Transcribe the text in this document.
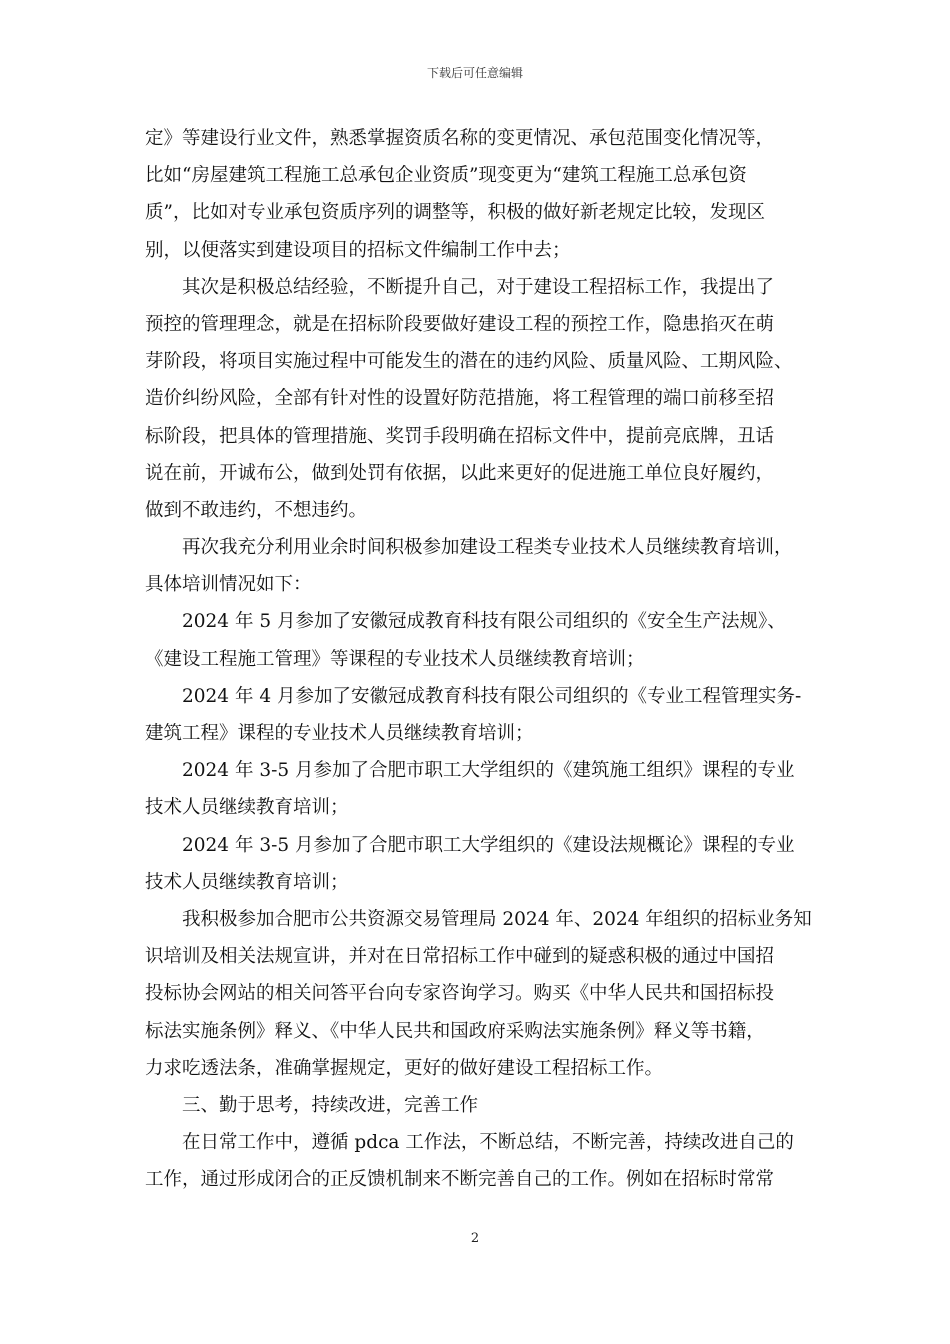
下载后可任意编辑
定》等建设行业文件，熟悉掌握资质名称的变更情况、承包范围变化情况等，
比如“房屋建筑工程施工总承包企业资质”现变更为“建筑工程施工总承包资
质”，比如对专业承包资质序列的调整等，积极的做好新老规定比较，发现区
别，以便落实到建设项目的招标文件编制工作中去；
其次是积极总结经验，不断提升自己，对于建设工程招标工作，我提出了
预控的管理理念，就是在招标阶段要做好建设工程的预控工作，隐患掐灭在萌
芽阶段，将项目实施过程中可能发生的潜在的违约风险、质量风险、工期风险、
造价纠纷风险，全部有针对性的设置好防范措施，将工程管理的端口前移至招
标阶段，把具体的管理措施、奖罚手段明确在招标文件中，提前亮底牌，丑话
说在前，开诚布公，做到处罚有依据，以此来更好的促进施工单位良好履约，
做到不敢违约，不想违约。
再次我充分利用业余时间积极参加建设工程类专业技术人员继续教育培训，
具体培训情况如下：
2024 年 5 月参加了安徽冠成教育科技有限公司组织的《安全生产法规》、
《建设工程施工管理》等课程的专业技术人员继续教育培训；
2024 年 4 月参加了安徽冠成教育科技有限公司组织的《专业工程管理实务-
建筑工程》课程的专业技术人员继续教育培训；
2024 年 3-5 月参加了合肥市职工大学组织的《建筑施工组织》课程的专业
技术人员继续教育培训；
2024 年 3-5 月参加了合肥市职工大学组织的《建设法规概论》课程的专业
技术人员继续教育培训；
我积极参加合肥市公共资源交易管理局 2024 年、2024 年组织的招标业务知
识培训及相关法规宣讲，并对在日常招标工作中碰到的疑惑积极的通过中国招
投标协会网站的相关问答平台向专家咨询学习。购买《中华人民共和国招标投
标法实施条例》释义、《中华人民共和国政府采购法实施条例》释义等书籍，
力求吃透法条，准确掌握规定，更好的做好建设工程招标工作。
三、勤于思考，持续改进，完善工作
在日常工作中，遵循 pdca 工作法，不断总结，不断完善，持续改进自己的
工作，通过形成闭合的正反馈机制来不断完善自己的工作。例如在招标时常常
2
